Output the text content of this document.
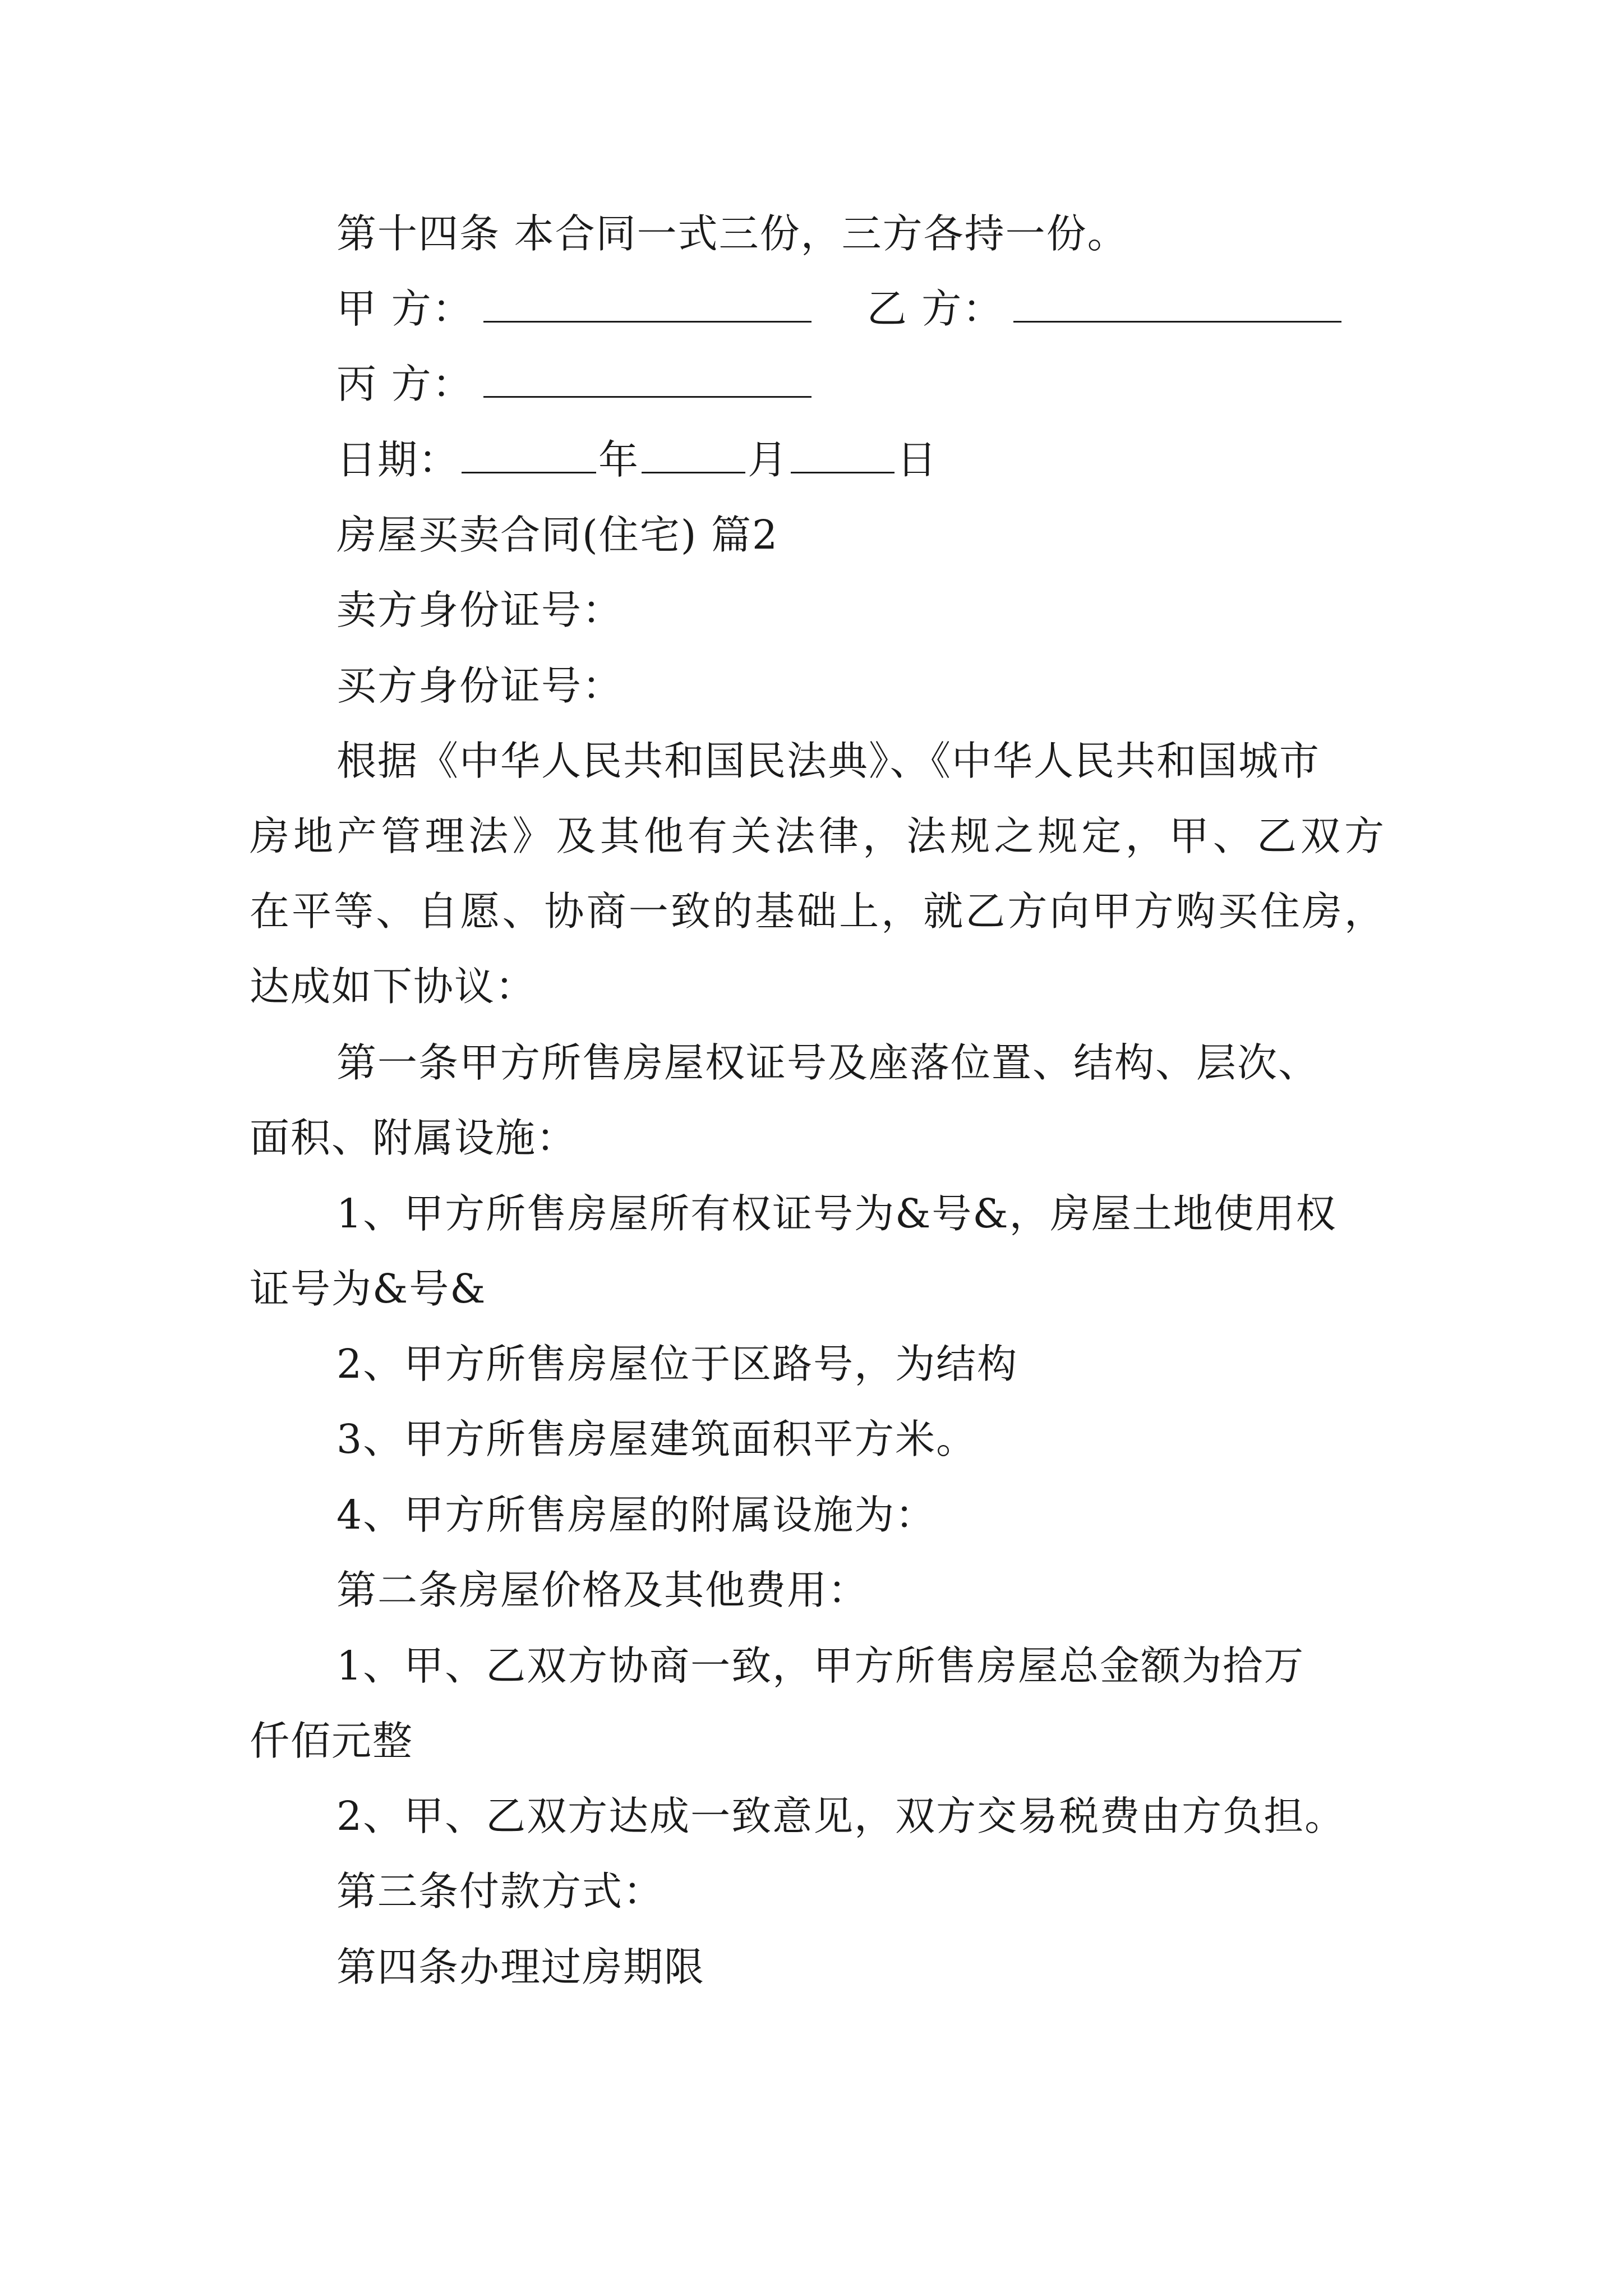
第十四条 本合同一式三份，三方各持一份。
甲 方：	乙 方：
丙 方：
日期：	年	月	日
房屋买卖合同(住宅) 篇2
卖方身份证号：
买方身份证号：
根据《中华人民共和国民法典》、《中华人民共和国城市
房地产管理法》及其他有关法律，法规之规定，甲、乙双方
在平等、自愿、协商一致的基础上，就乙方向甲方购买住房，
达成如下协议：
第一条甲方所售房屋权证号及座落位置、结构、层次、
面积、附属设施：
1、甲方所售房屋所有权证号为&号&，房屋土地使用权
证号为&号&
2、甲方所售房屋位于区路号，为结构
3、甲方所售房屋建筑面积平方米。
4、甲方所售房屋的附属设施为：
第二条房屋价格及其他费用：
1、甲、乙双方协商一致，甲方所售房屋总金额为拾万
仟佰元整
2、甲、乙双方达成一致意见，双方交易税费由方负担。
第三条付款方式：
第四条办理过房期限
